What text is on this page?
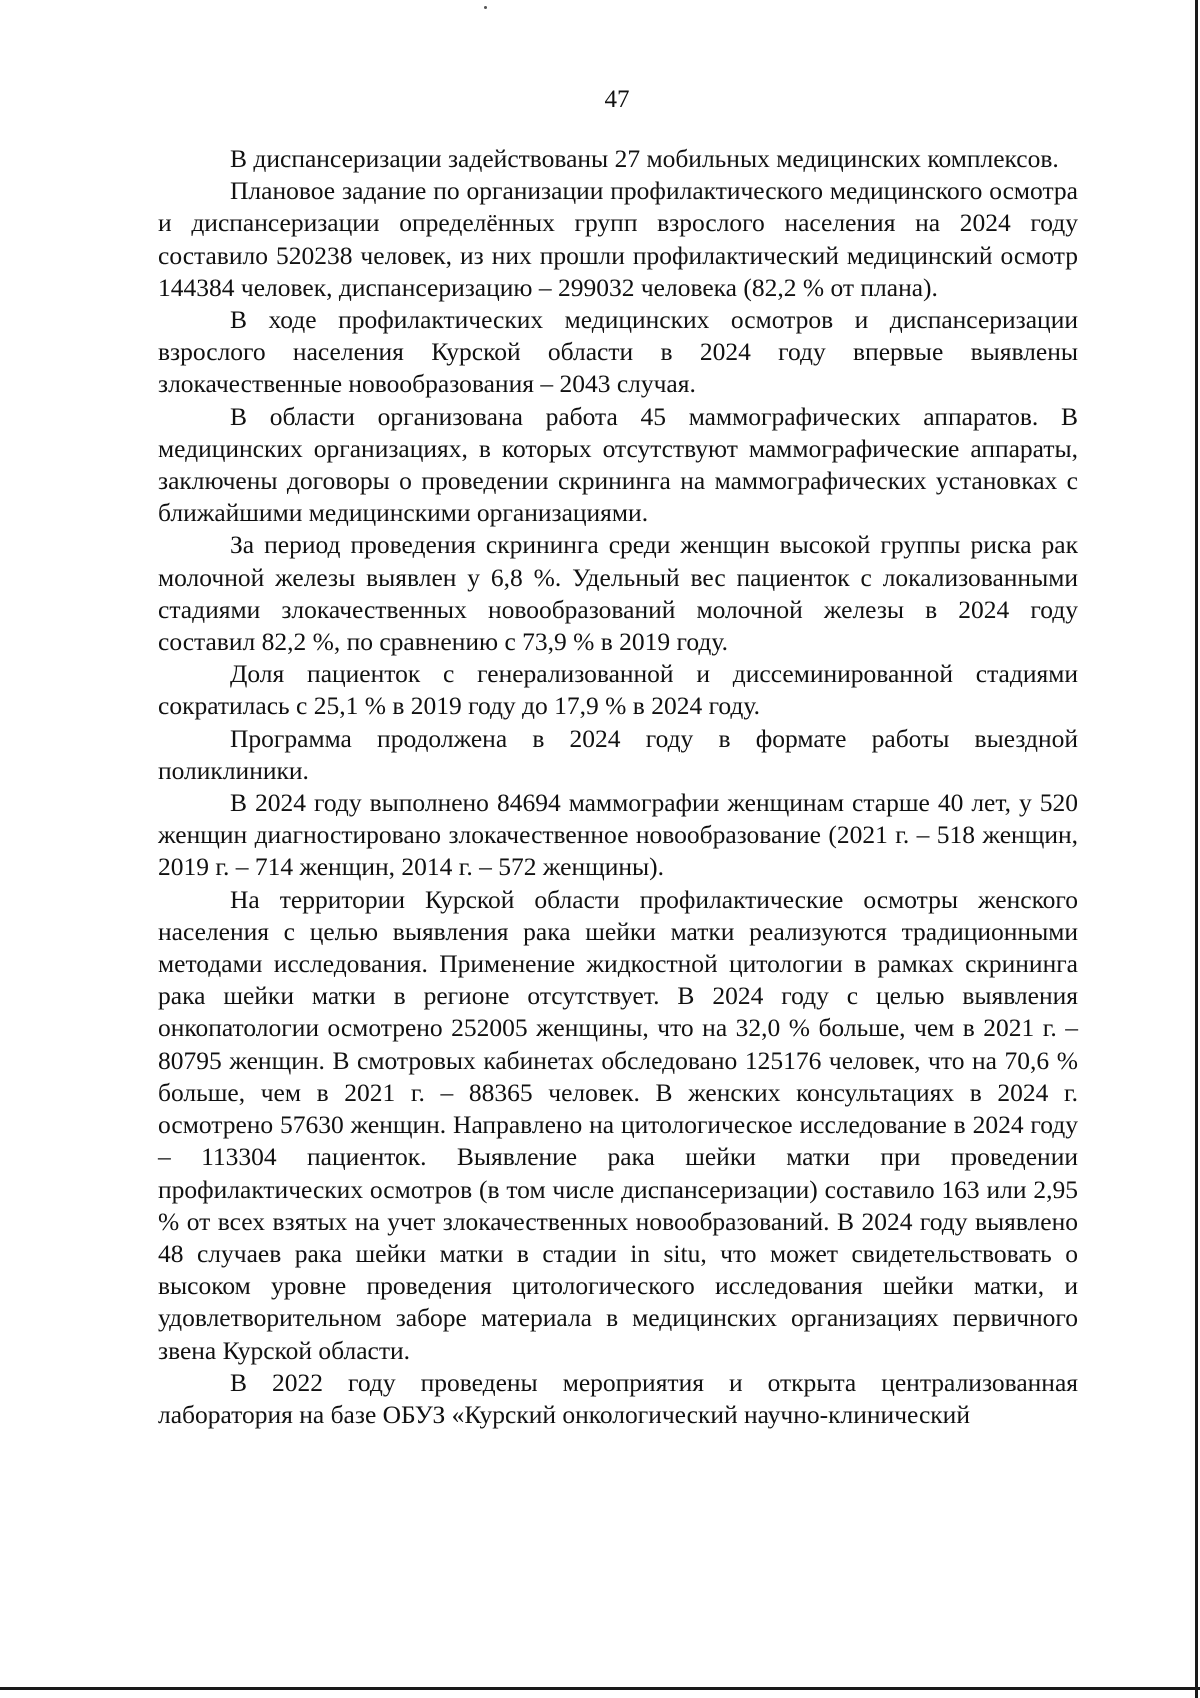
47

В диспансеризации задействованы 27 мобильных медицинских комплексов.

Плановое задание по организации профилактического медицинского осмотра и диспансеризации определённых групп взрослого населения на 2024 году составило 520238 человек, из них прошли профилактический медицинский осмотр 144384 человек, диспансеризацию – 299032 человека (82,2 % от плана).

В ходе профилактических медицинских осмотров и диспансеризации взрослого населения Курской области в 2024 году впервые выявлены злокачественные новообразования – 2043 случая.

В области организована работа 45 маммографических аппаратов. В медицинских организациях, в которых отсутствуют маммографические аппараты, заключены договоры о проведении скрининга на маммографических установках с ближайшими медицинскими организациями.

За период проведения скрининга среди женщин высокой группы риска рак молочной железы выявлен у 6,8 %. Удельный вес пациенток с локализованными стадиями злокачественных новообразований молочной железы в 2024 году составил 82,2 %, по сравнению с 73,9 % в 2019 году.

Доля пациенток с генерализованной и диссеминированной стадиями сократилась с 25,1 % в 2019 году до 17,9 % в 2024 году.

Программа продолжена в 2024 году в формате работы выездной поликлиники.

В 2024 году выполнено 84694 маммографии женщинам старше 40 лет, у 520 женщин диагностировано злокачественное новообразование (2021 г. – 518 женщин, 2019 г. – 714 женщин, 2014 г. – 572 женщины).

На территории Курской области профилактические осмотры женского населения с целью выявления рака шейки матки реализуются традиционными методами исследования. Применение жидкостной цитологии в рамках скрининга рака шейки матки в регионе отсутствует. В 2024 году с целью выявления онкопатологии осмотрено 252005 женщины, что на 32,0 % больше, чем в 2021 г. – 80795 женщин. В смотровых кабинетах обследовано 125176 человек, что на 70,6 % больше, чем в 2021 г. – 88365 человек. В женских консультациях в 2024 г. осмотрено 57630 женщин. Направлено на цитологическое исследование в 2024 году – 113304 пациенток. Выявление рака шейки матки при проведении профилактических осмотров (в том числе диспансеризации) составило 163 или 2,95 % от всех взятых на учет злокачественных новообразований. В 2024 году выявлено 48 случаев рака шейки матки в стадии in situ, что может свидетельствовать о высоком уровне проведения цитологического исследования шейки матки, и удовлетворительном заборе материала в медицинских организациях первичного звена Курской области.

В 2022 году проведены мероприятия и открыта централизованная лаборатория на базе ОБУЗ «Курский онкологический научно-клинический
